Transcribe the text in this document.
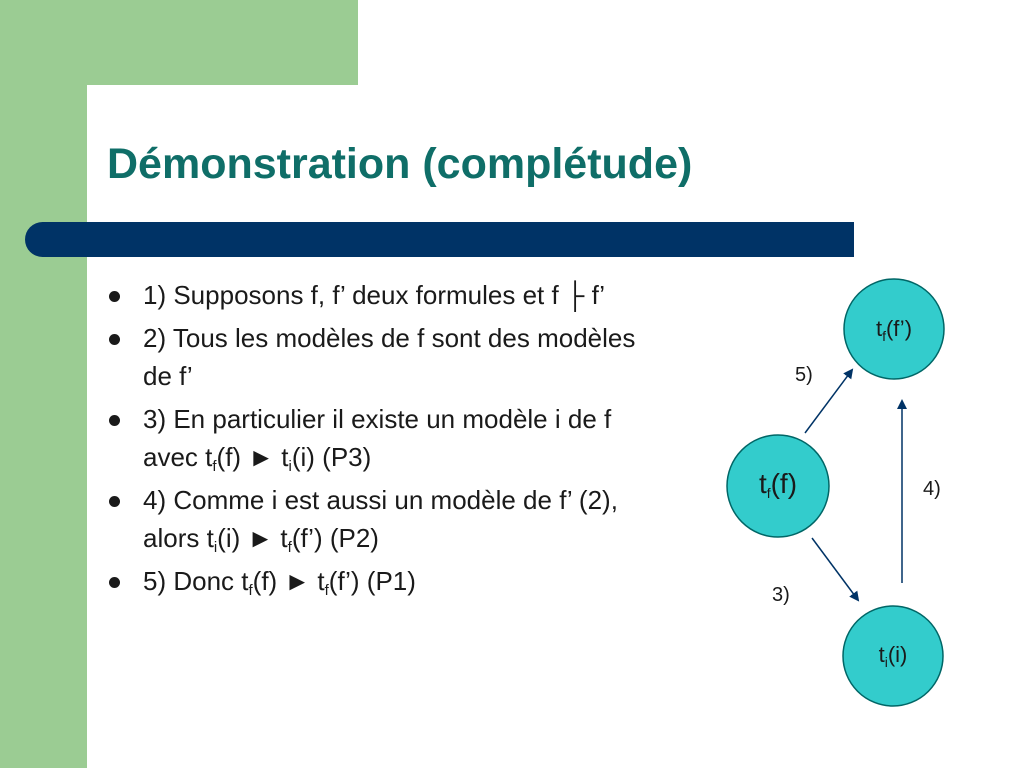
Démonstration (complétude)
1) Supposons f, f’ deux formules et f ├ f’
2) Tous les modèles de f sont des modèles de f’
3) En particulier il existe un modèle i de f avec $t_f(f)$ ► $t_i(i)$ (P3)
4) Comme i est aussi un modèle de f’ (2), alors $t_i(i)$ ► $t_f(f’)$ (P2)
5) Donc $t_f(f)$ ► $t_f(f’)$ (P1)
$t_f(f)$
$t_f(f’)$
$t_i(i)$
5)
4)
3)
